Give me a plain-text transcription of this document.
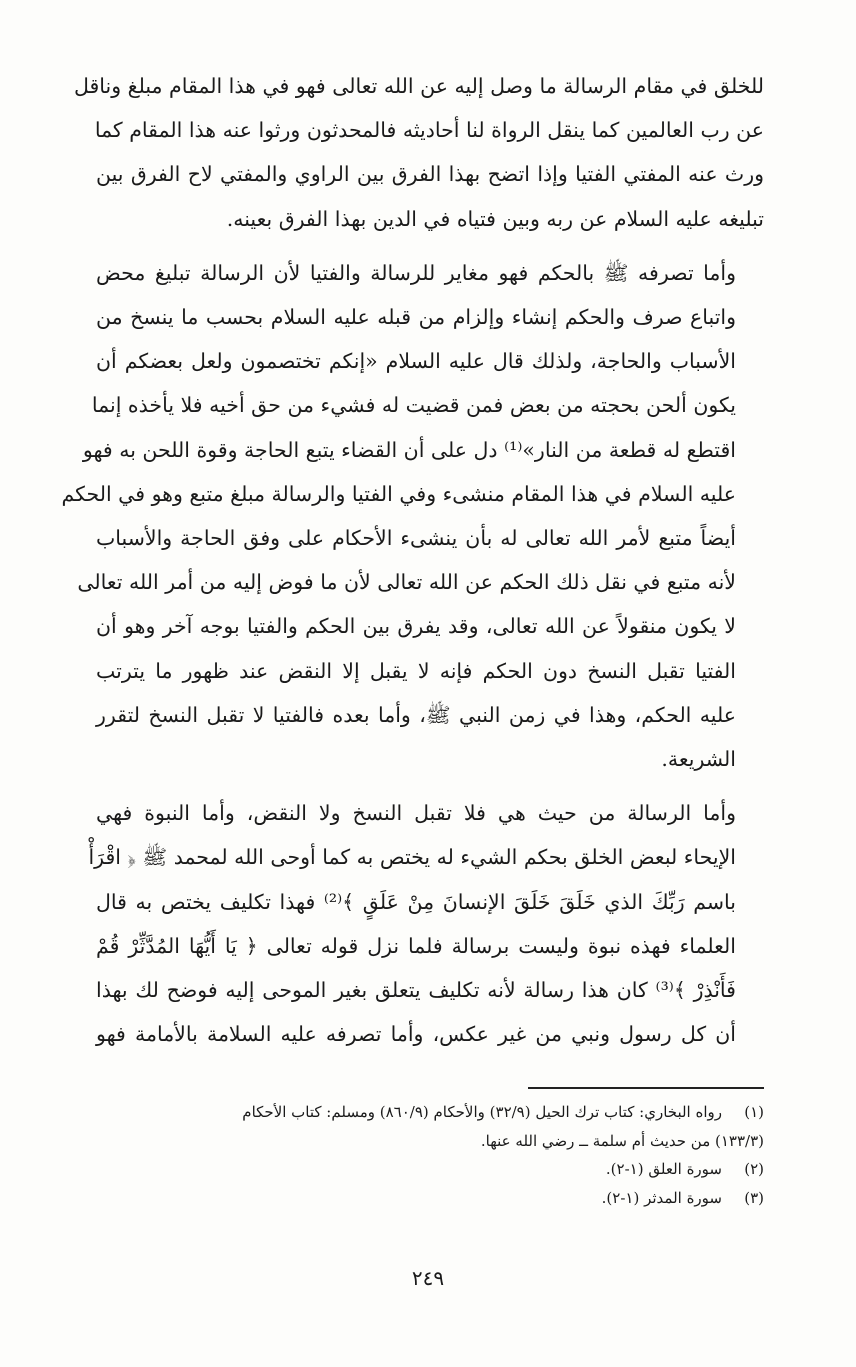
للخلق في مقام الرسالة ما وصل إليه عن الله تعالى فهو في هذا المقام مبلغ وناقل
عن رب العالمين كما ينقل الرواة لنا أحاديثه فالمحدثون ورثوا عنه هذا المقام كما
ورث عنه المفتي الفتيا وإذا اتضح بهذا الفرق بين الراوي والمفتي لاح الفرق بين
تبليغه عليه السلام عن ربه وبين فتياه في الدين بهذا الفرق بعينه.

وأما تصرفه ﷺ بالحكم فهو مغاير للرسالة والفتيا لأن الرسالة تبليغ محض
واتباع صرف والحكم إنشاء وإلزام من قبله عليه السلام بحسب ما ينسخ من
الأسباب والحاجة، ولذلك قال عليه السلام «إنكم تختصمون ولعل بعضكم أن
يكون ألحن بحجته من بعض فمن قضيت له فشيء من حق أخيه فلا يأخذه إنما
اقتطع له قطعة من النار»⁽¹⁾ دل على أن القضاء يتبع الحاجة وقوة اللحن به فهو
عليه السلام في هذا المقام منشىء وفي الفتيا والرسالة مبلغ متبع وهو في الحكم
أيضاً متبع لأمر الله تعالى له بأن ينشىء الأحكام على وفق الحاجة والأسباب
لأنه متبع في نقل ذلك الحكم عن الله تعالى لأن ما فوض إليه من أمر الله تعالى
لا يكون منقولاً عن الله تعالى، وقد يفرق بين الحكم والفتيا بوجه آخر وهو أن
الفتيا تقبل النسخ دون الحكم فإنه لا يقبل إلا النقض عند ظهور ما يترتب
عليه الحكم، وهذا في زمن النبي ﷺ، وأما بعده فالفتيا لا تقبل النسخ لتقرر
الشريعة.

وأما الرسالة من حيث هي فلا تقبل النسخ ولا النقض، وأما النبوة فهي
الإيحاء لبعض الخلق بحكم الشيء له يختص به كما أوحى الله لمحمد ﷺ ﴿ اقْرَأْ
باسم رَبِّكَ الذي خَلَقَ خَلَقَ الإنسانَ مِنْ عَلَقٍ ﴾⁽²⁾ فهذا تكليف يختص به قال
العلماء فهذه نبوة وليست برسالة فلما نزل قوله تعالى ﴿ يَا أَيُّهَا المُدَّثِّرْ قُمْ
فَأَنْذِرْ ﴾⁽³⁾ كان هذا رسالة لأنه تكليف يتعلق بغير الموحى إليه فوضح لك بهذا
أن كل رسول ونبي من غير عكس، وأما تصرفه عليه السلامة بالأمامة فهو

(١)رواه البخاري: كتاب ترك الحيل (٣٢/٩) والأحكام (٨٦٠/٩) ومسلم: كتاب الأحكام
(١٣٣/٣) من حديث أم سلمة ــ رضي الله عنها.
(٢)سورة العلق (١-٢).
(٣)سورة المدثر (١-٢).
٢٤٩
